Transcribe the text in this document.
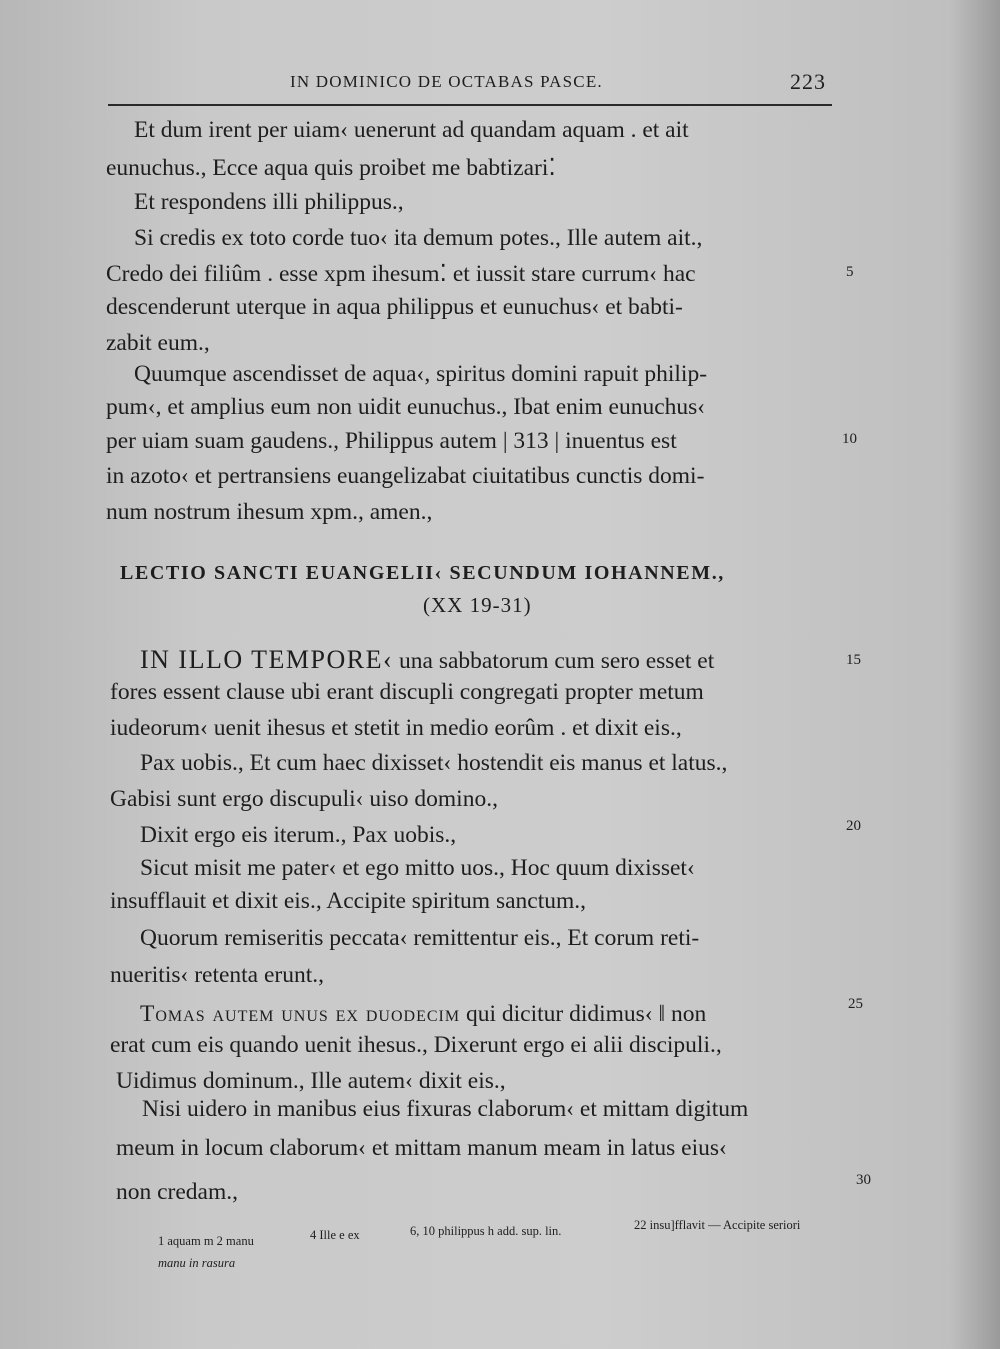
IN DOMINICO DE OCTABAS PASCE.	223
Et dum irent per uiam‹ uenerunt ad quandam aquam . et ait
eunuchus., Ecce aqua quis proibet me babtizari⁚
Et respondens illi philippus.,
Si credis ex toto corde tuo‹ ita demum potes., Ille autem ait.,
Credo dei filiûm . esse xpm ihesum⁚ et iussit stare currum‹ hac
descenderunt uterque in aqua philippus et eunuchus‹ et babti-
zabit eum.,
Quumque ascendisset de aqua‹, spiritus domini rapuit philip-
pum‹, et amplius eum non uidit eunuchus., Ibat enim eunuchus‹
per uiam suam gaudens., Philippus autem | 313 | inuentus est
in azoto‹ et pertransiens euangelizabat ciuitatibus cunctis domi-
num nostrum ihesum xpm., amen.,
LECTIO SANCTI EUANGELII‹ SECUNDUM IOHANNEM.,
(XX 19-31)
IN ILLO TEMPORE‹ una sabbatorum cum sero esset et
fores essent clause ubi erant discupli congregati propter metum
iudeorum‹ uenit ihesus et stetit in medio eorûm . et dixit eis.,
Pax uobis., Et cum haec dixisset‹ hostendit eis manus et latus.,
Gabisi sunt ergo discupuli‹ uiso domino.,
Dixit ergo eis iterum., Pax uobis.,
Sicut misit me pater‹ et ego mitto uos., Hoc quum dixisset‹
insufflauit et dixit eis., Accipite spiritum sanctum.,
Quorum remiseritis peccata‹ remittentur eis., Et corum reti-
nueritis‹ retenta erunt.,
Tomas autem unus ex duodecim qui dicitur didimus‹ ‖ non
erat cum eis quando uenit ihesus., Dixerunt ergo ei alii discipuli.,
Uidimus dominum., Ille autem‹ dixit eis.,
Nisi uidero in manibus eius fixuras claborum‹ et mittam digitum
meum in locum claborum‹ et mittam manum meam in latus eius‹
non credam.,
5
10
15
20
25
30
1 aquam m 2 manu
manu in rasura
4 Ille e ex	6, 10 philippus h add. sup. lin.	22 insu]fflavit — Accipite seriori
